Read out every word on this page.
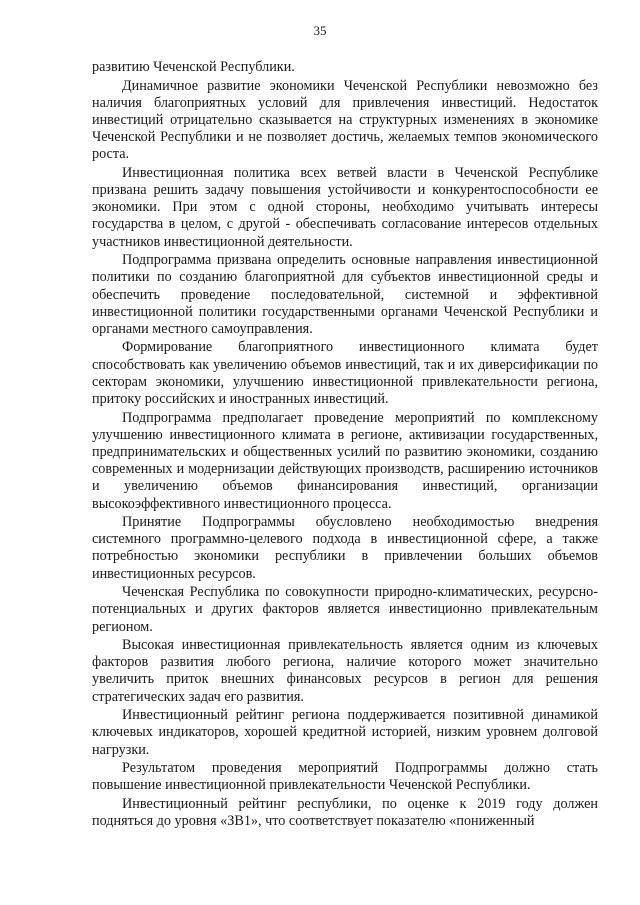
35

развитию Чеченской Республики.

Динамичное развитие экономики Чеченской Республики невозможно без наличия благоприятных условий для привлечения инвестиций. Недостаток инвестиций отрицательно сказывается на структурных изменениях в экономике Чеченской Республики и не позволяет достичь, желаемых темпов экономического роста.

Инвестиционная политика всех ветвей власти в Чеченской Республике призвана решить задачу повышения устойчивости и конкурентоспособности ее экономики. При этом с одной стороны, необходимо учитывать интересы государства в целом, с другой - обеспечивать согласование интересов отдельных участников инвестиционной деятельности.

Подпрограмма призвана определить основные направления инвестиционной политики по созданию благоприятной для субъектов инвестиционной среды и обеспечить проведение последовательной, системной и эффективной инвестиционной политики государственными органами Чеченской Республики и органами местного самоуправления.

Формирование благоприятного инвестиционного климата будет способствовать как увеличению объемов инвестиций, так и их диверсификации по секторам экономики, улучшению инвестиционной привлекательности региона, притоку российских и иностранных инвестиций.

Подпрограмма предполагает проведение мероприятий по комплексному улучшению инвестиционного климата в регионе, активизации государственных, предпринимательских и общественных усилий по развитию экономики, созданию современных и модернизации действующих производств, расширению источников и увеличению объемов финансирования инвестиций, организации высокоэффективного инвестиционного процесса.

Принятие Подпрограммы обусловлено необходимостью внедрения системного программно-целевого подхода в инвестиционной сфере, а также потребностью экономики республики в привлечении больших объемов инвестиционных ресурсов.

Чеченская Республика по совокупности природно-климатических, ресурсно-потенциальных и других факторов является инвестиционно привлекательным регионом.

Высокая инвестиционная привлекательность является одним из ключевых факторов развития любого региона, наличие которого может значительно увеличить приток внешних финансовых ресурсов в регион для решения стратегических задач его развития.

Инвестиционный рейтинг региона поддерживается позитивной динамикой ключевых индикаторов, хорошей кредитной историей, низким уровнем долговой нагрузки.

Результатом проведения мероприятий Подпрограммы должно стать повышение инвестиционной привлекательности Чеченской Республики.

Инвестиционный рейтинг республики, по оценке к 2019 году должен подняться до уровня «ЗВ1», что соответствует показателю «пониженный
